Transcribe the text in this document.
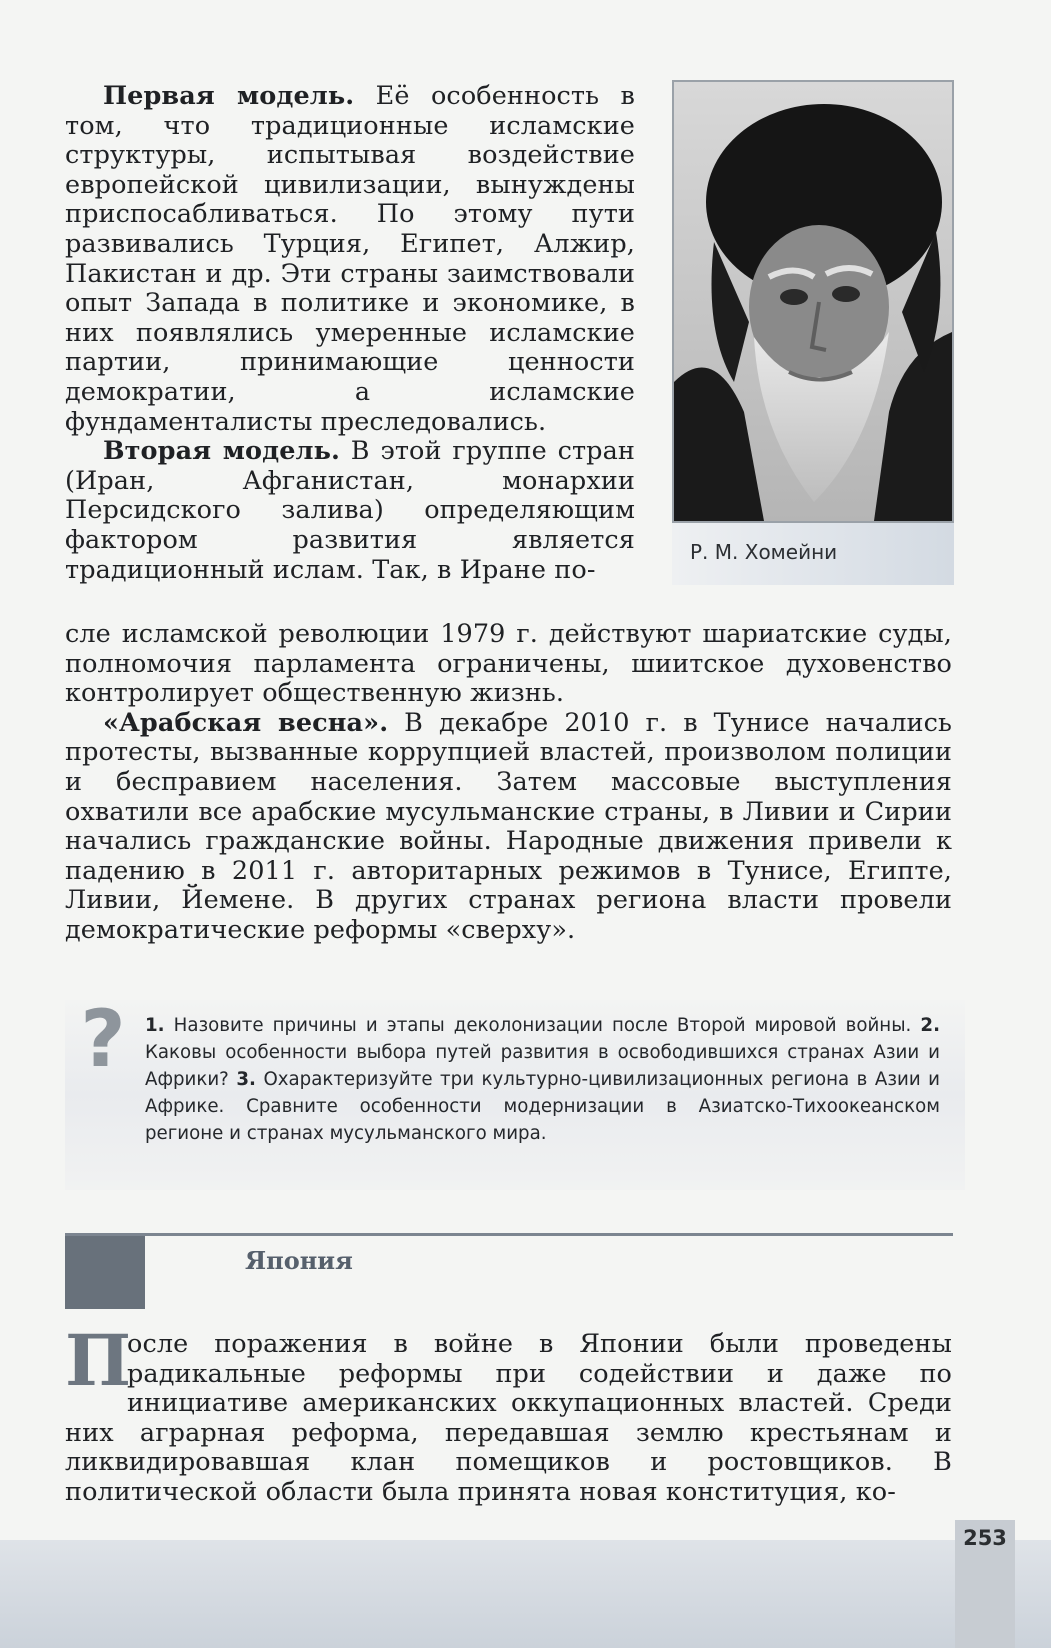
Первая модель. Её особенность в том, что традиционные исламские структуры, испытывая воздействие европейской цивилизации, вынуждены приспосабливаться. По этому пути развивались Турция, Египет, Алжир, Пакистан и др. Эти страны заимствовали опыт Запада в политике и экономике, в них появлялись умеренные исламские партии, принимающие ценности демократии, а исламские фундаменталисты преследовались.

Вторая модель. В этой группе стран (Иран, Афганистан, монархии Персидского залива) определяющим фактором развития является традиционный ислам. Так, в Иране по-

Р. М. Хомейни

сле исламской революции 1979 г. действуют шариатские суды, полномочия парламента ограничены, шиитское духовенство контролирует общественную жизнь.

«Арабская весна». В декабре 2010 г. в Тунисе начались протесты, вызванные коррупцией властей, произволом полиции и бесправием населения. Затем массовые выступления охватили все арабские мусульманские страны, в Ливии и Сирии начались гражданские войны. Народные движения привели к падению в 2011 г. авторитарных режимов в Тунисе, Египте, Ливии, Йемене. В других странах региона власти провели демократические реформы «сверху».

?	1. Назовите причины и этапы деколонизации после Второй мировой войны. 2. Каковы особенности выбора путей развития в освободившихся странах Азии и Африки? 3. Охарактеризуйте три культурно-цивилизационных региона в Азии и Африке. Сравните особенности модернизации в Азиатско-Тихоокеанском регионе и странах мусульманского мира.
Япония
П

осле поражения в войне в Японии были проведены радикальные реформы при содействии и даже по инициативе американских оккупационных властей. Среди них аграрная реформа, передавшая землю крестьянам и ликвидировавшая клан помещиков и ростовщиков. В политической области была принята новая конституция, ко-

253
